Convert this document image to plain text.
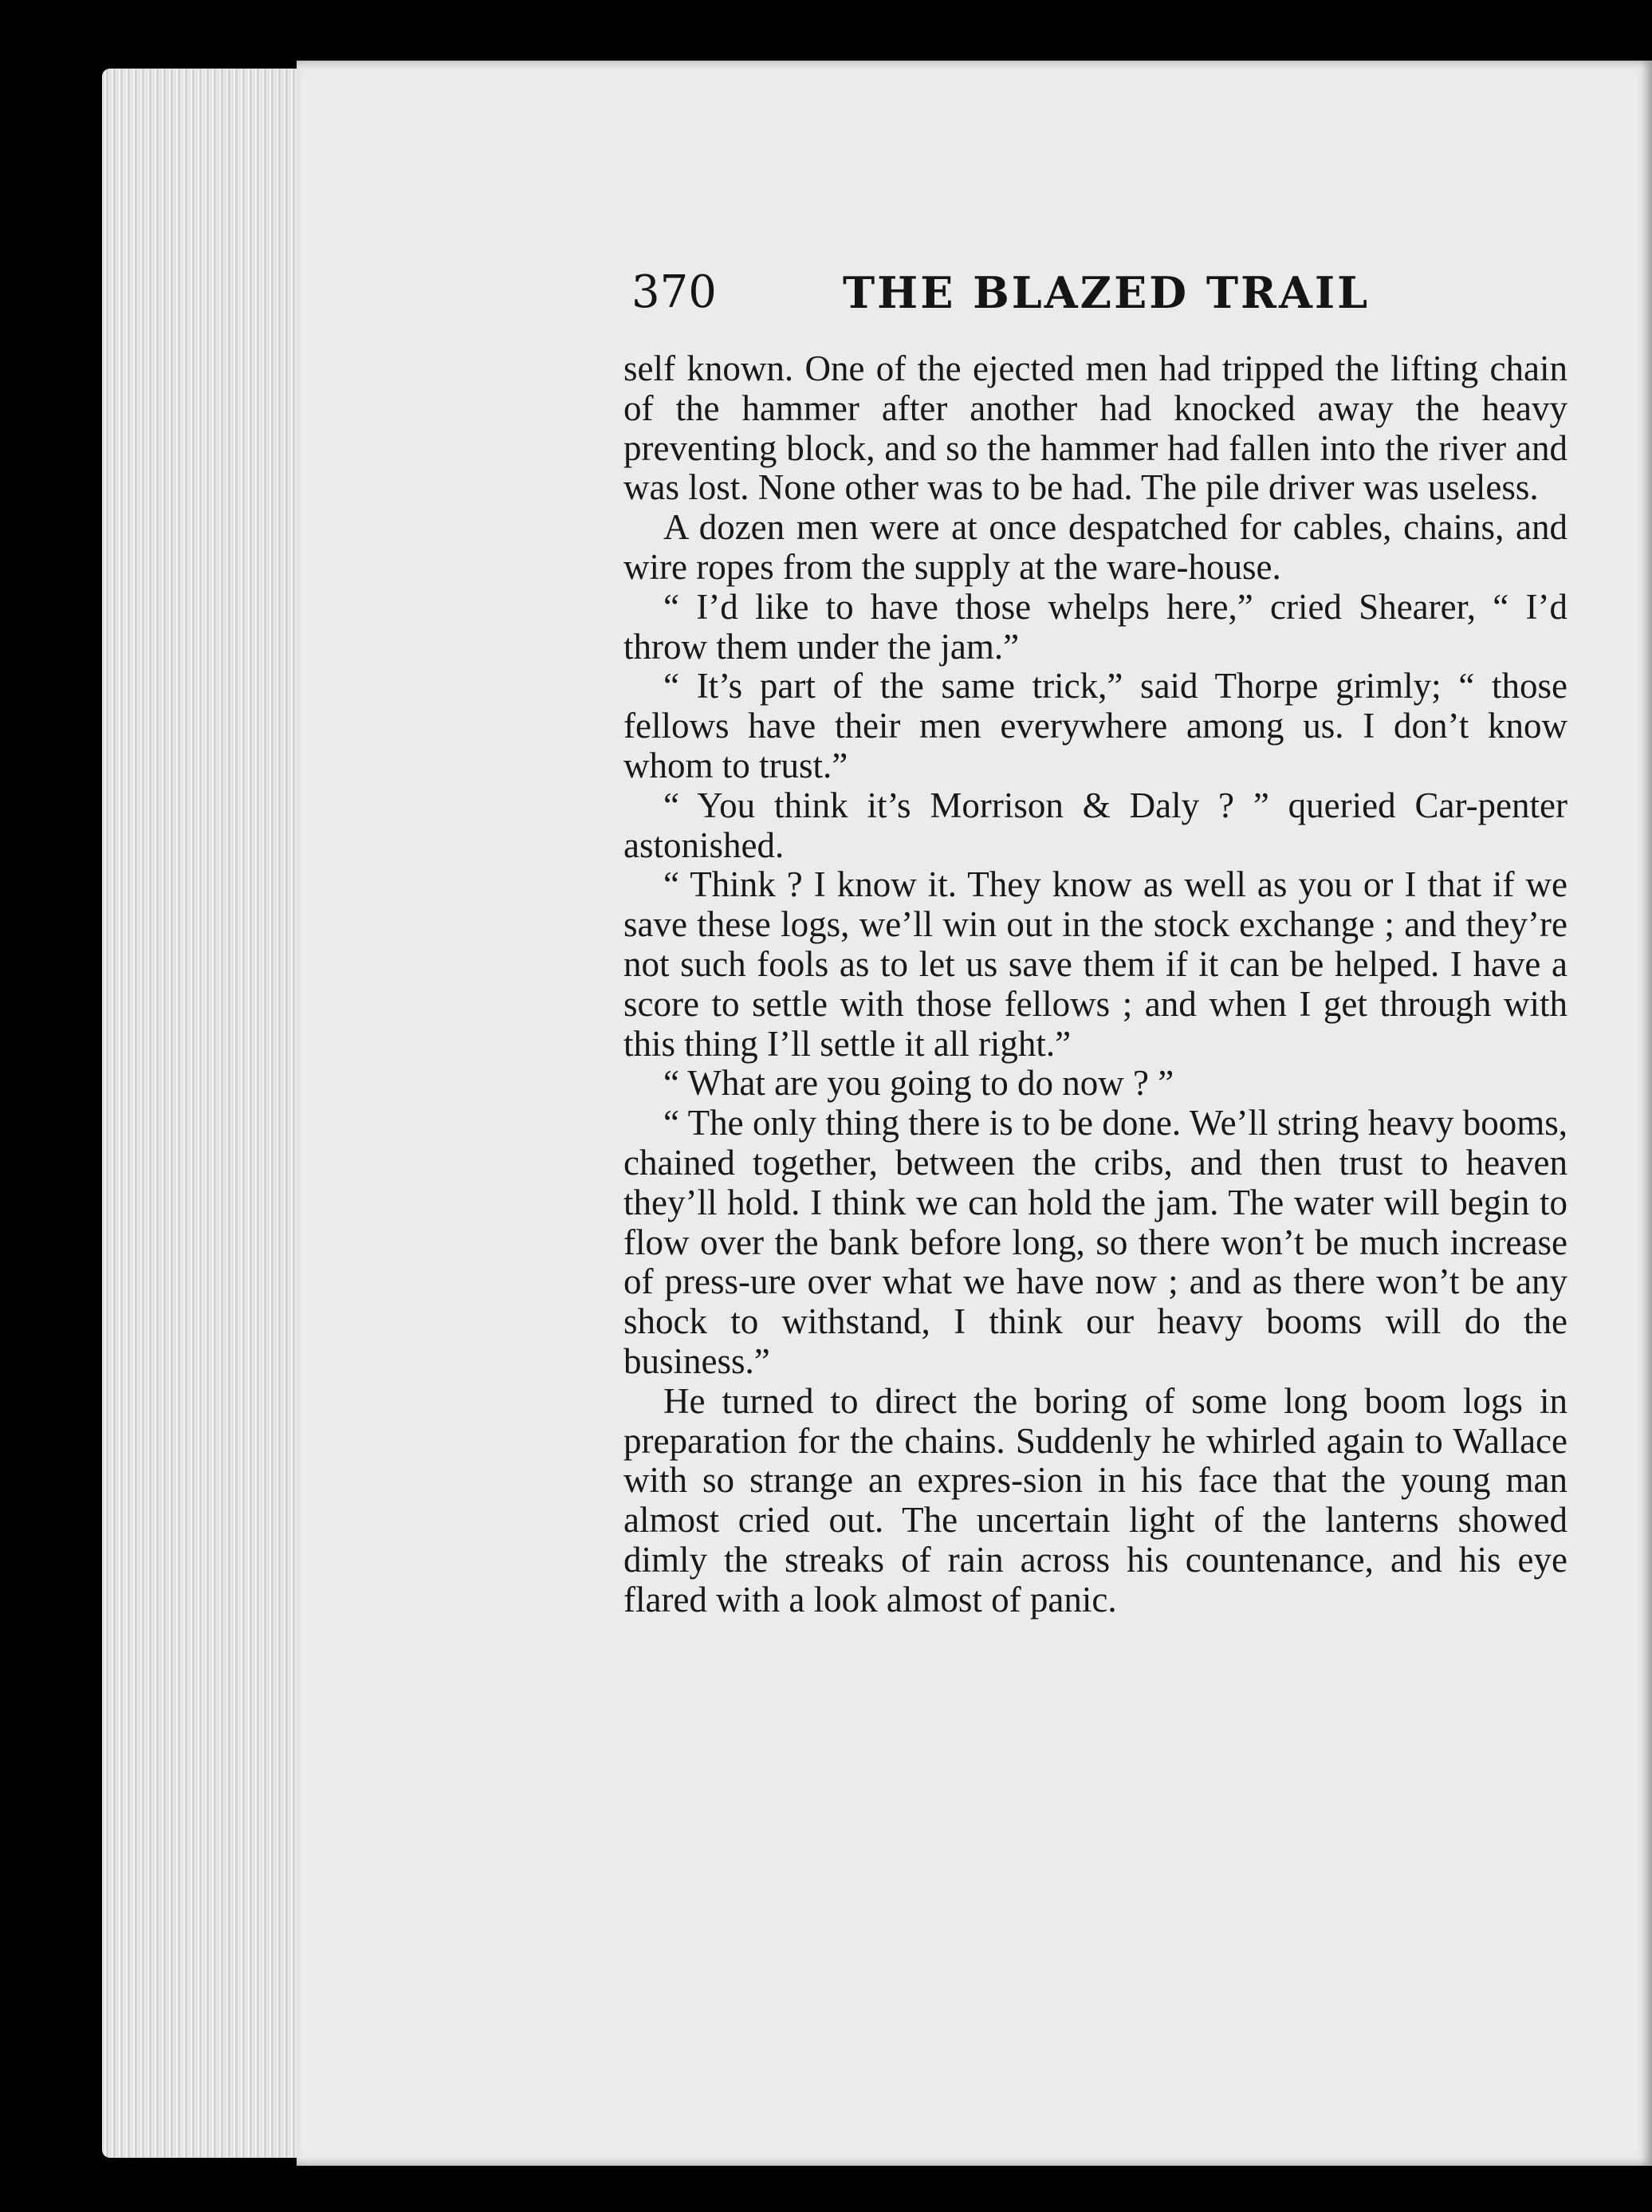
370	THE BLAZED TRAIL

self known. One of the ejected men had tripped the lifting chain of the hammer after another had knocked away the heavy preventing block, and so the hammer had fallen into the river and was lost. None other was to be had. The pile driver was useless.

A dozen men were at once despatched for cables, chains, and wire ropes from the supply at the ware-house.

“ I’d like to have those whelps here,” cried Shearer, “ I’d throw them under the jam.”

“ It’s part of the same trick,” said Thorpe grimly; “ those fellows have their men everywhere among us. I don’t know whom to trust.”

“ You think it’s Morrison & Daly ? ” queried Car-penter astonished.

“ Think ? I know it. They know as well as you or I that if we save these logs, we’ll win out in the stock exchange ; and they’re not such fools as to let us save them if it can be helped. I have a score to settle with those fellows ; and when I get through with this thing I’ll settle it all right.”

“ What are you going to do now ? ”

“ The only thing there is to be done. We’ll string heavy booms, chained together, between the cribs, and then trust to heaven they’ll hold. I think we can hold the jam. The water will begin to flow over the bank before long, so there won’t be much increase of press-ure over what we have now ; and as there won’t be any shock to withstand, I think our heavy booms will do the business.”

He turned to direct the boring of some long boom logs in preparation for the chains. Suddenly he whirled again to Wallace with so strange an expres-sion in his face that the young man almost cried out. The uncertain light of the lanterns showed dimly the streaks of rain across his countenance, and his eye flared with a look almost of panic.
